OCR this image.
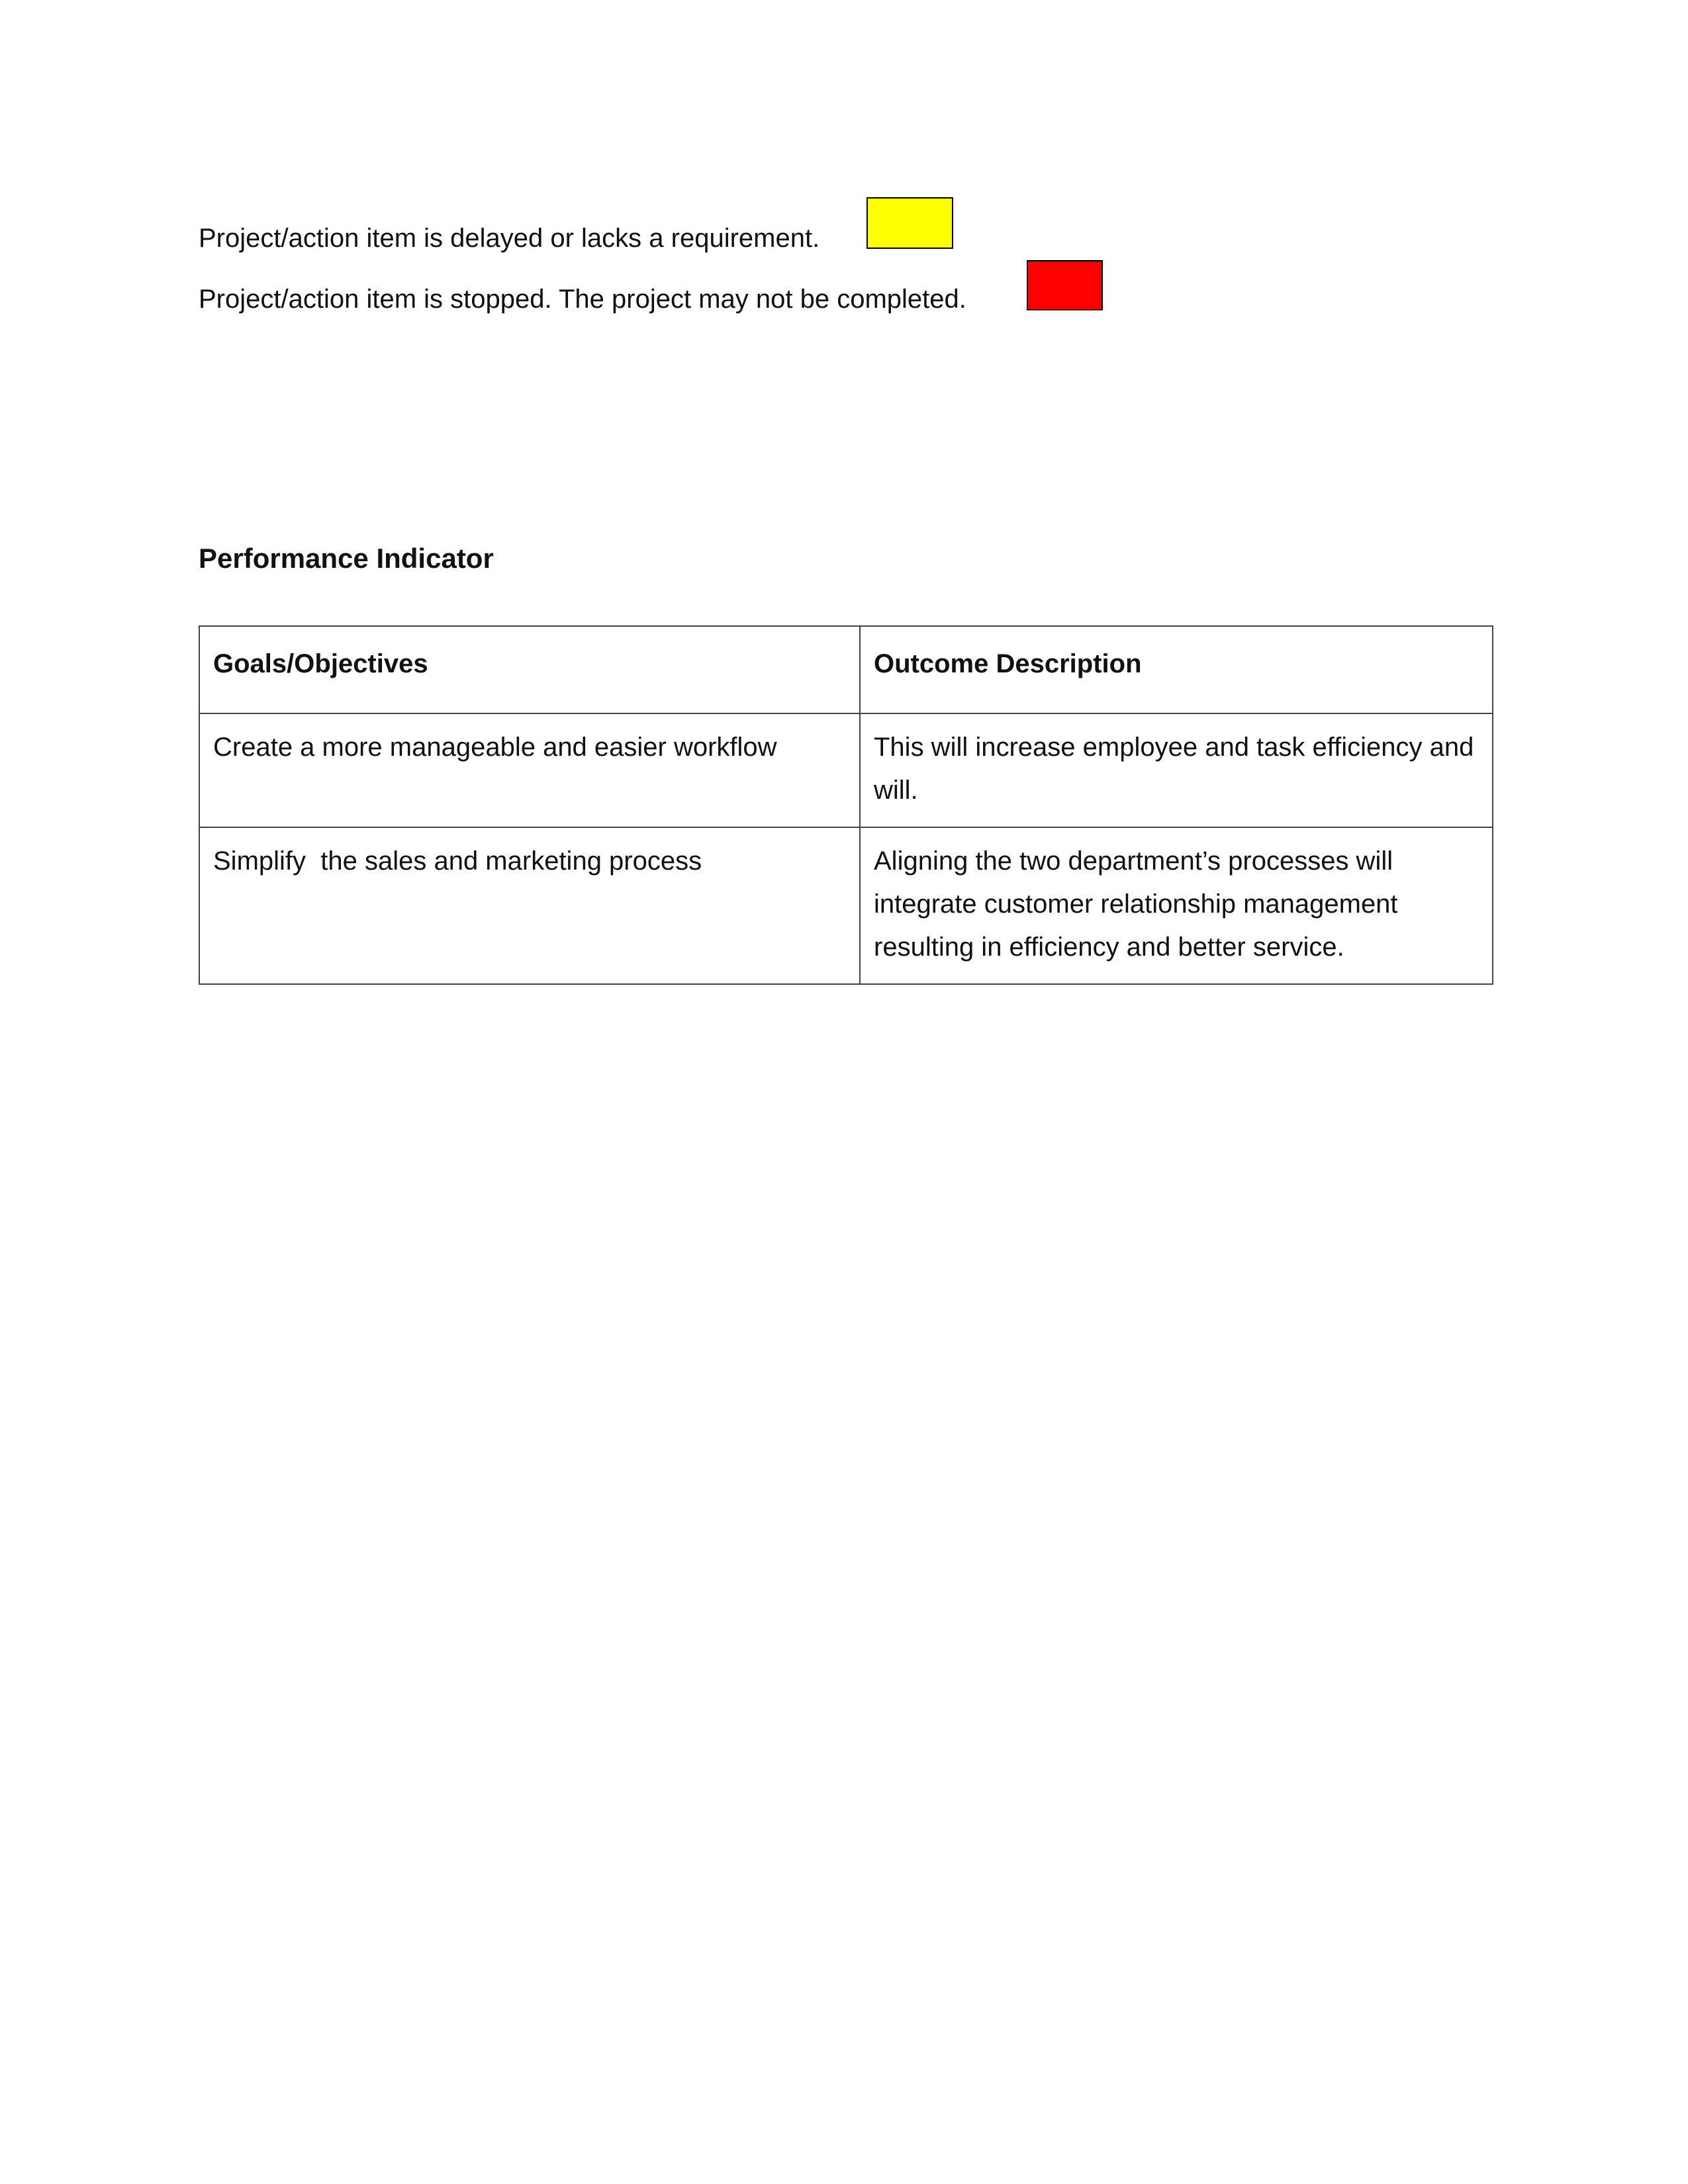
Project/action item is delayed or lacks a requirement.
Project/action item is stopped. The project may not be completed.
Performance Indicator
Goals/Objectives	Outcome Description
Create a more manageable and easier workflow	This will increase employee and task efficiency and will.
Simplify  the sales and marketing process	Aligning the two department’s processes will integrate customer relationship management resulting in efficiency and better service.
